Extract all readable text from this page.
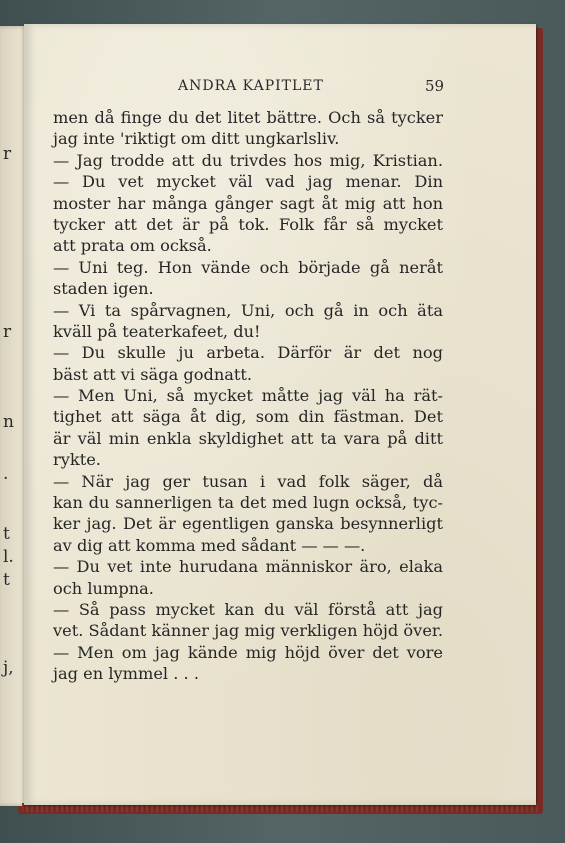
r
r
n
.
t
l.
t
j,
ANDRA KAPITLET	59
men då finge du det litet bättre. Och så tycker
jag inte 'riktigt om ditt ungkarlsliv.
— Jag trodde att du trivdes hos mig, Kristian.
— Du vet mycket väl vad jag menar. Din
moster har många gånger sagt åt mig att hon
tycker att det är på tok. Folk får så mycket
att prata om också.
— Uni teg. Hon vände och började gå neråt
staden igen.
— Vi ta spårvagnen, Uni, och gå in och äta
kväll på teaterkafeet, du!
— Du skulle ju arbeta. Därför är det nog
bäst att vi säga godnatt.
— Men Uni, så mycket måtte jag väl ha rät-
tighet att säga åt dig, som din fästman. Det
är väl min enkla skyldighet att ta vara på ditt
rykte.
— När jag ger tusan i vad folk säger, då
kan du sannerligen ta det med lugn också, tyc-
ker jag. Det är egentligen ganska besynnerligt
av dig att komma med sådant — — —.
— Du vet inte hurudana människor äro, elaka
och lumpna.
— Så pass mycket kan du väl förstå att jag
vet. Sådant känner jag mig verkligen höjd över.
— Men om jag kände mig höjd över det vore
jag en lymmel . . .
